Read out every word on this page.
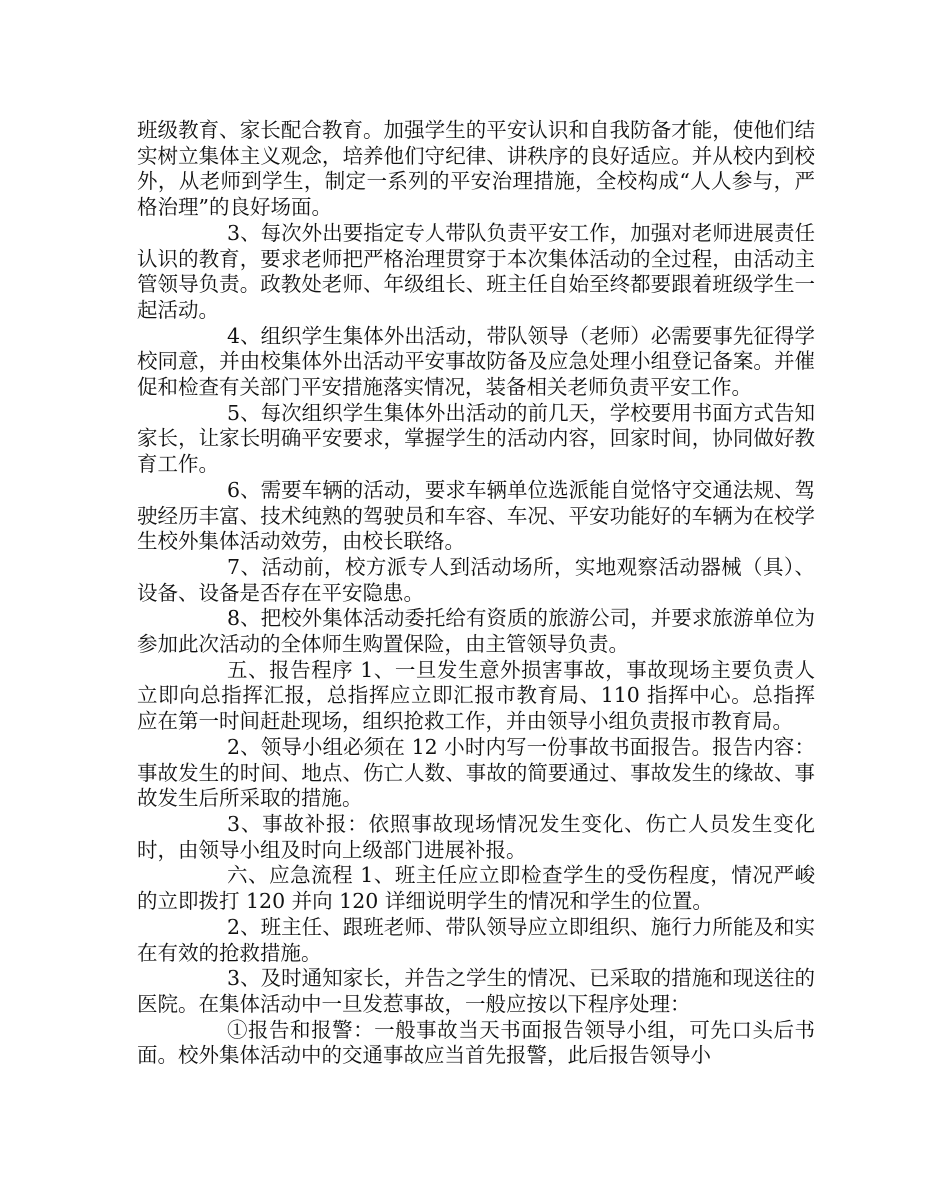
班级教育、家长配合教育。加强学生的平安认识和自我防备才能，使他们结实树立集体主义观念，培养他们守纪律、讲秩序的良好适应。并从校内到校外，从老师到学生，制定一系列的平安治理措施，全校构成“人人参与，严格治理”的良好场面。

3、每次外出要指定专人带队负责平安工作，加强对老师进展责任认识的教育，要求老师把严格治理贯穿于本次集体活动的全过程，由活动主管领导负责。政教处老师、年级组长、班主任自始至终都要跟着班级学生一起活动。

4、组织学生集体外出活动，带队领导（老师）必需要事先征得学校同意，并由校集体外出活动平安事故防备及应急处理小组登记备案。并催促和检查有关部门平安措施落实情况，装备相关老师负责平安工作。

5、每次组织学生集体外出活动的前几天，学校要用书面方式告知家长，让家长明确平安要求，掌握学生的活动内容，回家时间，协同做好教育工作。

6、需要车辆的活动，要求车辆单位选派能自觉恪守交通法规、驾驶经历丰富、技术纯熟的驾驶员和车容、车况、平安功能好的车辆为在校学生校外集体活动效劳，由校长联络。

7、活动前，校方派专人到活动场所，实地观察活动器械（具）、设备、设备是否存在平安隐患。

8、把校外集体活动委托给有资质的旅游公司，并要求旅游单位为参加此次活动的全体师生购置保险，由主管领导负责。

五、报告程序 1、一旦发生意外损害事故，事故现场主要负责人立即向总指挥汇报，总指挥应立即汇报市教育局、110 指挥中心。总指挥应在第一时间赶赴现场，组织抢救工作，并由领导小组负责报市教育局。

2、领导小组必须在 12 小时内写一份事故书面报告。报告内容：事故发生的时间、地点、伤亡人数、事故的简要通过、事故发生的缘故、事故发生后所采取的措施。

3、事故补报：依照事故现场情况发生变化、伤亡人员发生变化时，由领导小组及时向上级部门进展补报。

六、应急流程 1、班主任应立即检查学生的受伤程度，情况严峻的立即拨打 120 并向 120 详细说明学生的情况和学生的位置。

2、班主任、跟班老师、带队领导应立即组织、施行力所能及和实在有效的抢救措施。

3、及时通知家长，并告之学生的情况、已采取的措施和现送往的医院。在集体活动中一旦发惹事故，一般应按以下程序处理：

①报告和报警：一般事故当天书面报告领导小组，可先口头后书面。校外集体活动中的交通事故应当首先报警，此后报告领导小
